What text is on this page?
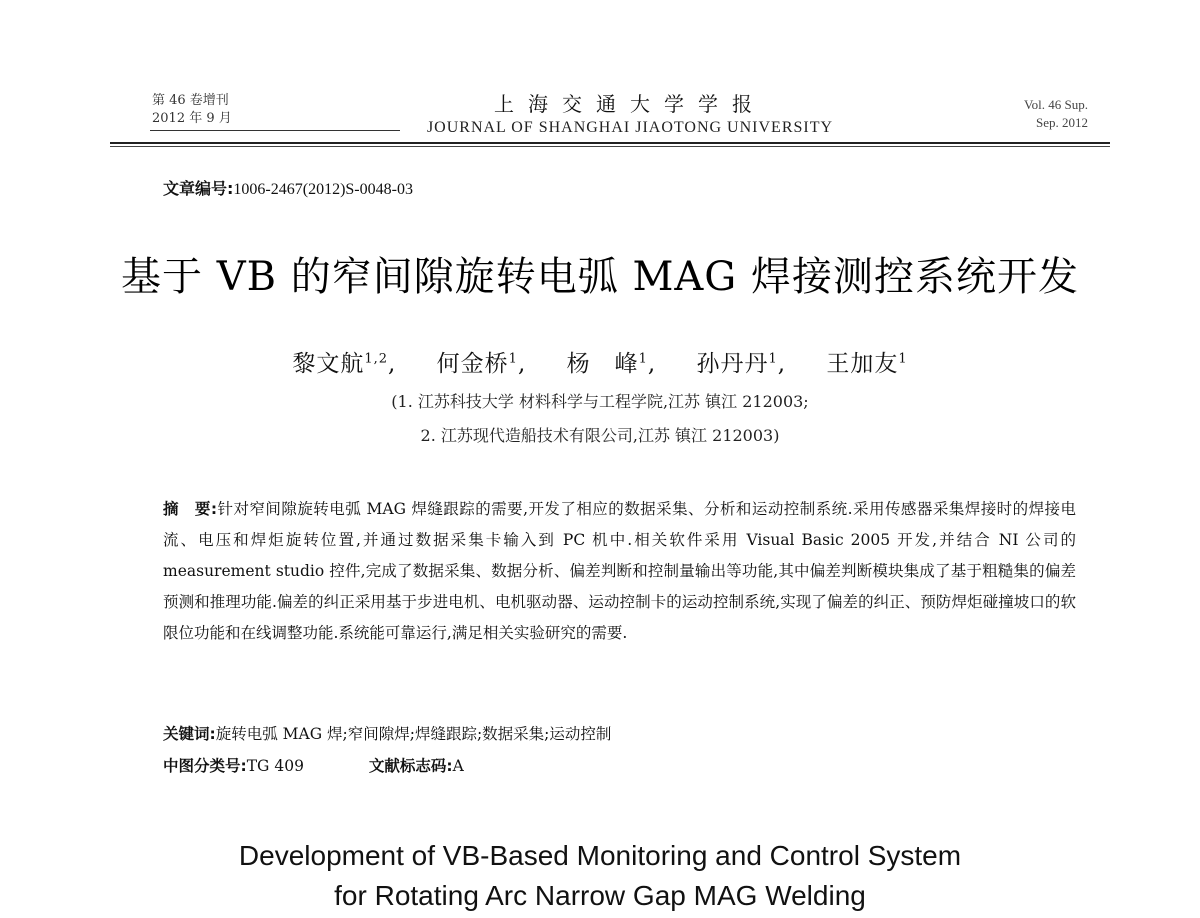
第 46 卷增刊
2012 年 9 月
上海交通大学学报
JOURNAL OF SHANGHAI JIAOTONG UNIVERSITY
Vol. 46 Sup.
Sep. 2012
文章编号:1006-2467(2012)S-0048-03
基于 VB 的窄间隙旋转电弧 MAG 焊接测控系统开发
黎文航$^{1,2}$, 何金桥$^1$, 杨　峰$^1$, 孙丹丹$^1$, 王加友$^1$
(1. 江苏科技大学 材料科学与工程学院,江苏 镇江 212003;
2. 江苏现代造船技术有限公司,江苏 镇江 212003)
摘　要:针对窄间隙旋转电弧 MAG 焊缝跟踪的需要,开发了相应的数据采集、分析和运动控制系统.采用传感器采集焊接时的焊接电流、电压和焊炬旋转位置,并通过数据采集卡输入到 PC 机中.相关软件采用 Visual Basic 2005 开发,并结合 NI 公司的 measurement studio 控件,完成了数据采集、数据分析、偏差判断和控制量输出等功能,其中偏差判断模块集成了基于粗糙集的偏差预测和推理功能.偏差的纠正采用基于步进电机、电机驱动器、运动控制卡的运动控制系统,实现了偏差的纠正、预防焊炬碰撞坡口的软限位功能和在线调整功能.系统能可靠运行,满足相关实验研究的需要.
关键词:旋转电弧 MAG 焊;窄间隙焊;焊缝跟踪;数据采集;运动控制
中图分类号:TG 409	文献标志码:A
Development of VB-Based Monitoring and Control System
for Rotating Arc Narrow Gap MAG Welding
